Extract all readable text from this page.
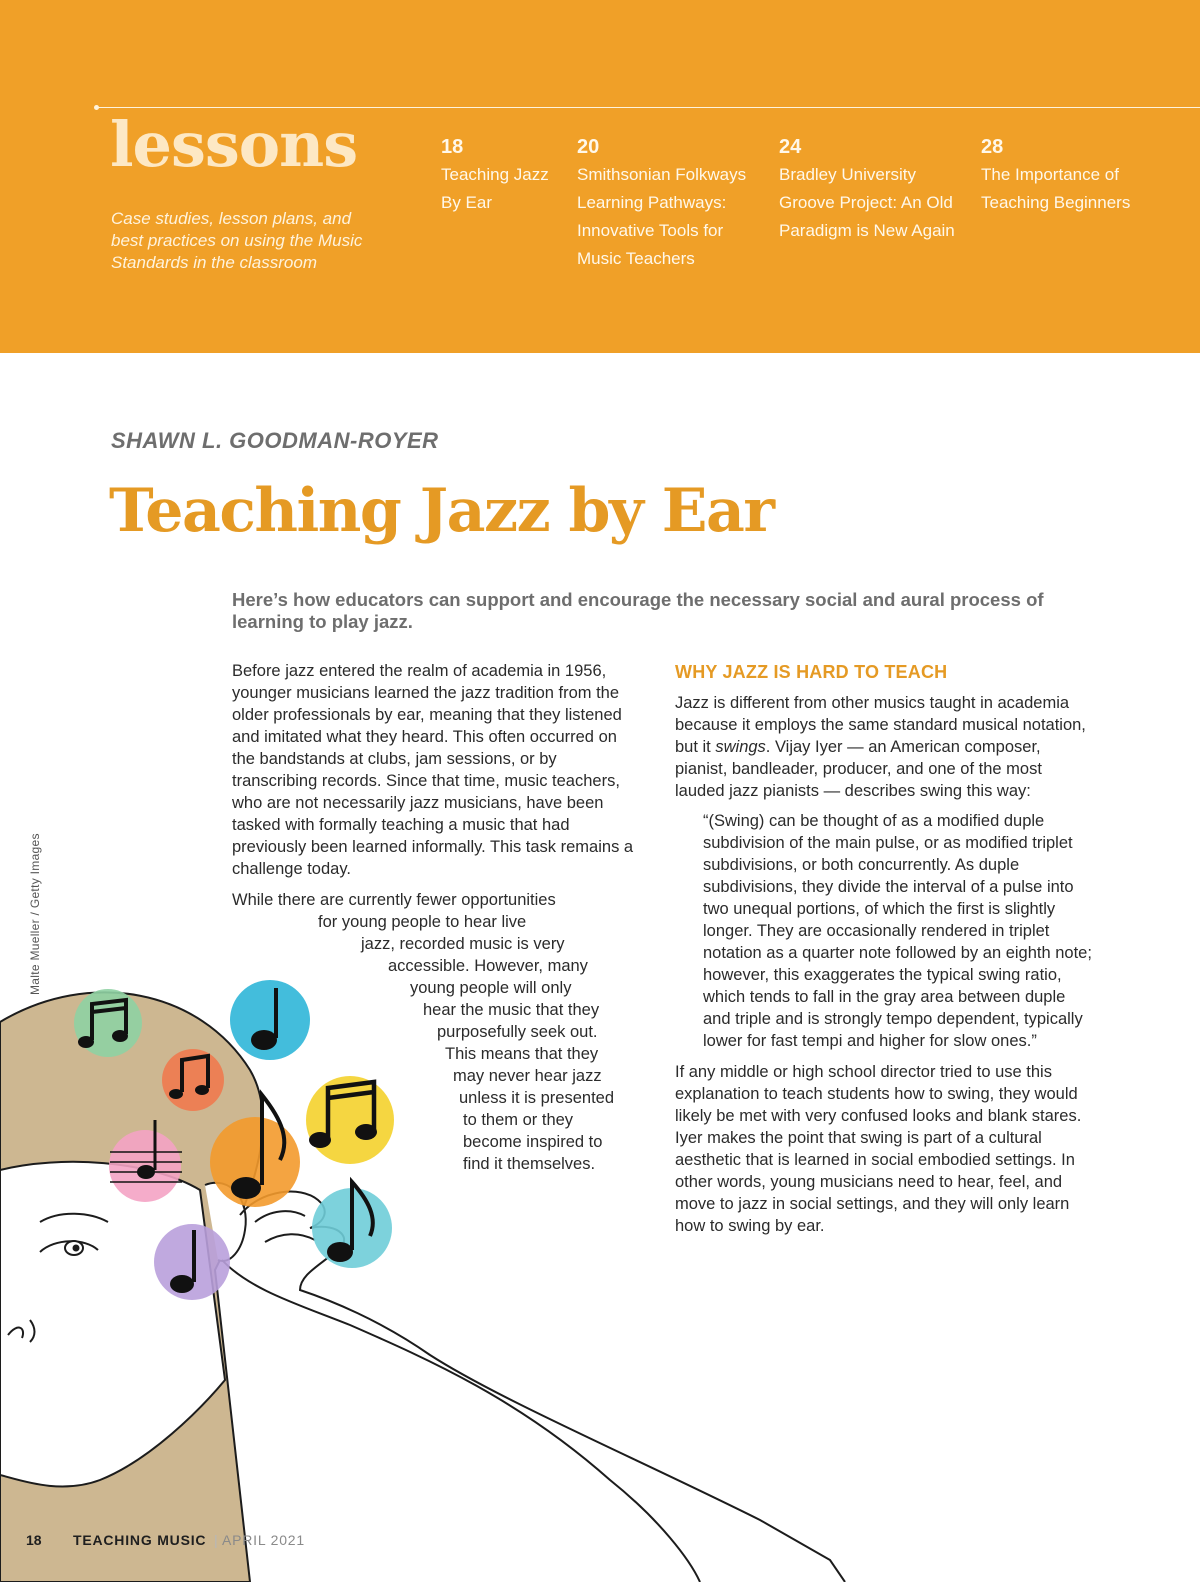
lessons
Case studies, lesson plans, and best practices on using the Music Standards in the classroom
18
Teaching Jazz By Ear
20
Smithsonian Folkways Learning Pathways: Innovative Tools for Music Teachers
24
Bradley University Groove Project: An Old Paradigm is New Again
28
The Importance of Teaching Beginners
SHAWN L. GOODMAN-ROYER
Teaching Jazz by Ear
Here’s how educators can support and encourage the necessary social and aural process of learning to play jazz.
Malte Mueller / Getty Images

Before jazz entered the realm of academia in 1956, younger musicians learned the jazz tradition from the older professionals by ear, meaning that they listened and imitated what they heard. This often occurred on the bandstands at clubs, jam sessions, or by transcribing records. Since that time, music teachers, who are not necessarily jazz musicians, have been tasked with formally teaching a music that had previously been learned informally. This task remains a challenge today.

While there are currently fewer opportunities
for young people to hear live
jazz, recorded music is very
accessible. However, many
young people will only
hear the music that they
purposefully seek out.
This means that they
may never hear jazz
unless it is presented
to them or they
become inspired to
find it themselves.

WHY JAZZ IS HARD TO TEACH

Jazz is different from other musics taught in academia because it employs the same standard musical notation, but it swings. Vijay Iyer — an American composer, pianist, bandleader, producer, and one of the most lauded jazz pianists — describes swing this way:

“(Swing) can be thought of as a modified duple subdivision of the main pulse, or as modified triplet subdivisions, or both concurrently. As duple subdivisions, they divide the interval of a pulse into two unequal portions, of which the first is slightly longer. They are occasionally rendered in triplet notation as a quarter note followed by an eighth note; however, this exaggerates the typical swing ratio, which tends to fall in the gray area between duple and triple and is strongly tempo dependent, typically lower for fast tempi and higher for slow ones.”

If any middle or high school director tried to use this explanation to teach students how to swing, they would likely be met with very confused looks and blank stares. Iyer makes the point that swing is part of a cultural aesthetic that is learned in social embodied settings. In other words, young musicians need to hear, feel, and move to jazz in social settings, and they will only learn how to swing by ear.

18 TEACHING MUSIC | APRIL 2021
